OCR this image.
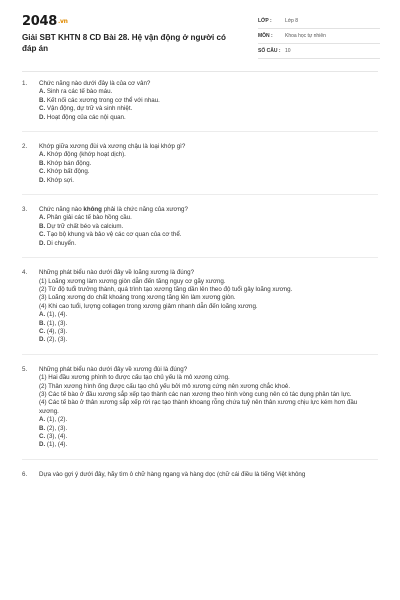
2048.vn
Giải SBT KHTN 8 CD Bài 28. Hệ vận động ở người có đáp án
LỚP :	Lớp 8
MÔN :	Khoa học tự nhiên
SỐ CÂU : 10
1.	Chức năng nào dưới đây là của cơ vân?
A. Sinh ra các tế bào máu.
B. Kết nối các xương trong cơ thể với nhau.
C. Vận động, dự trữ và sinh nhiệt.
D. Hoạt động của các nội quan.
2.	Khớp giữa xương đùi và xương chậu là loại khớp gì?
A. Khớp động (khớp hoạt dịch).
B. Khớp bán động.
C. Khớp bất động.
D. Khớp sợi.
3.	Chức năng nào không phải là chức năng của xương?
A. Phân giải các tế bào hồng cầu.
B. Dự trữ chất béo và calcium.
C. Tạo bộ khung và bảo vệ các cơ quan của cơ thể.
D. Di chuyển.
4.	Những phát biểu nào dưới đây về loãng xương là đúng?
(1) Loãng xương làm xương giòn dẫn đến tăng nguy cơ gãy xương.
(2) Từ độ tuổi trưởng thành, quá trình tạo xương tăng dần lên theo độ tuổi gây loãng xương.
(3) Loãng xương do chất khoáng trong xương tăng lên làm xương giòn.
(4) Khi cao tuổi, lượng collagen trong xương giảm nhanh dẫn đến loãng xương.
A. (1), (4).
B. (1), (3).
C. (4), (3).
D. (2), (3).
5.	Những phát biểu nào dưới đây về xương đùi là đúng?
(1) Hai đầu xương phình to được cấu tạo chủ yếu là mô xương cứng.
(2) Thân xương hình ống được cấu tạo chủ yếu bởi mô xương cứng nên xương chắc khoẻ.
(3) Các tế bào ở đầu xương sắp xếp tạo thành các nan xương theo hình vòng cung nên có tác dụng phân tán lực.
(4) Các tế bào ở thân xương sắp xếp rời rạc tạo thành khoang rỗng chứa tuỷ nên thân xương chịu lực kém hơn đầu xương.
A. (1), (2).
B. (2), (3).
C. (3), (4).
D. (1), (4).
6.	Dựa vào gợi ý dưới đây, hãy tìm ô chữ hàng ngang và hàng dọc (chữ cái điều là tiếng Việt không
